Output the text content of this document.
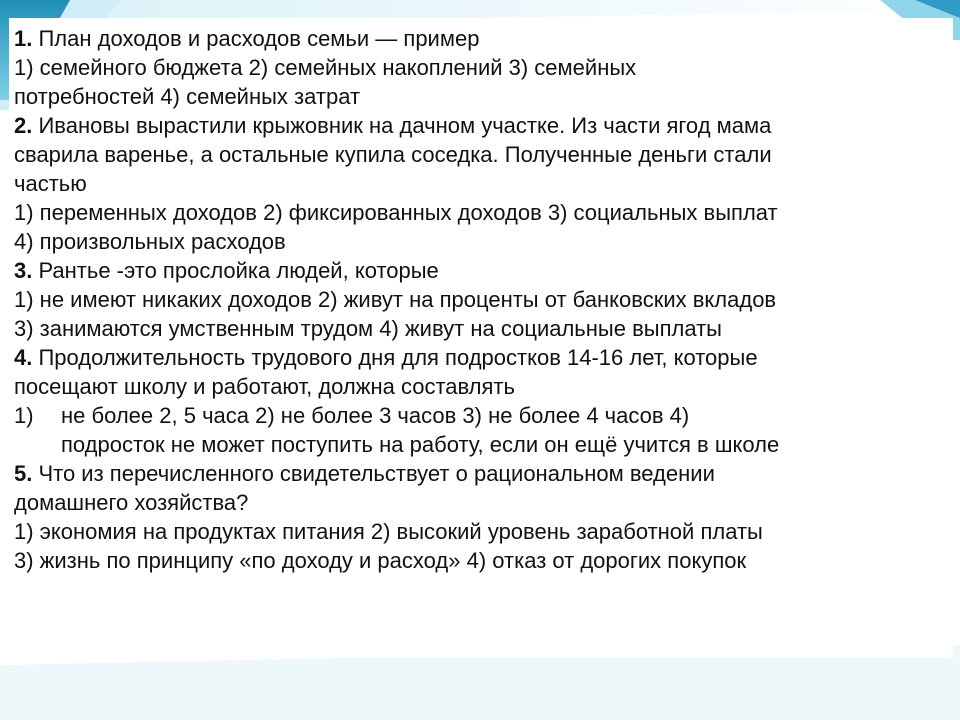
1. План доходов и расходов семьи — пример
1) семейного бюджета 2) семейных накоплений 3) семейных
потребностей 4) семейных затрат
2. Ивановы вырастили крыжовник на дачном участке. Из части ягод мама
сварила варенье, а остальные купила соседка. Полученные деньги стали
частью
1) переменных доходов 2) фиксированных доходов 3) социальных выплат
4) произвольных расходов
3. Рантье -это прослойка людей, которые
1) не имеют никаких доходов 2) живут на проценты от банковских вкладов
3) занимаются умственным трудом 4) живут на социальные выплаты
4. Продолжительность трудового дня для подростков 14-16 лет, которые
посещают школу и работают, должна составлять
1)	не более 2, 5 часа 2) не более 3 часов 3) не более 4 часов 4)
подросток не может поступить на работу, если он ещё учится в школе
5. Что из перечисленного свидетельствует о рациональном ведении
домашнего хозяйства?
1) экономия на продуктах питания 2) высокий уровень заработной платы
3) жизнь по принципу «по доходу и расход» 4) отказ от дорогих покупок
